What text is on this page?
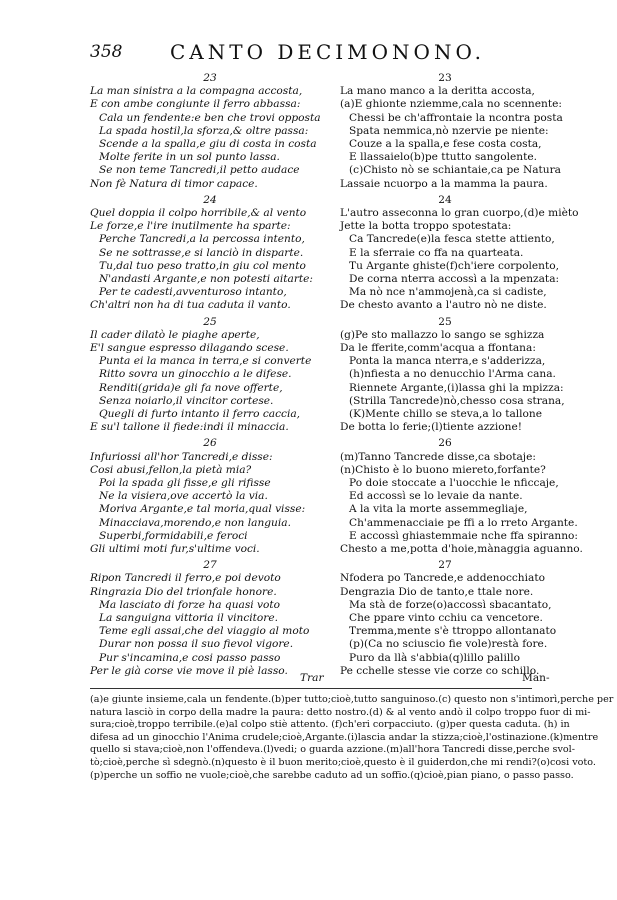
358 CANTO DECIMONONO.
23
La man sinistra a la compagna accosta,
E con ambe congiunte il ferro abbassa:
Cala un fendente:e ben che trovi opposta
La spada hostil,la sforza,& oltre passa:
Scende a la spalla,e giu di costa in costa
Molte ferite in un sol punto lassa.
Se non teme Tancredi,il petto audace
Non fè Natura di timor capace.
24
Quel doppia il colpo horribile,& al vento
Le forze,e l'ire inutilmente ha sparte:
Perche Tancredi,a la percossa intento,
Se ne sottrasse,e si lanciò in disparte.
Tu,dal tuo peso tratto,in giu col mento
N'andasti Argante,e non potesti aitarte:
Per te cadesti,avventuroso intanto,
Ch'altri non ha di tua caduta il vanto.
25
Il cader dilatò le piaghe aperte,
E'l sangue espresso dilagando scese.
Punta ei la manca in terra,e si converte
Ritto sovra un ginocchio a le difese.
Renditi(grida)e gli fa nove offerte,
Senza noiarlo,il vincitor cortese.
Quegli di furto intanto il ferro caccia,
E su'l tallone il fiede:indi il minaccia.
26
Infuriossi all'hor Tancredi,e disse:
Cosi abusi,fellon,la pietà mia?
Poi la spada gli fisse,e gli rifisse
Ne la visiera,ove accertò la via.
Moriva Argante,e tal moria,qual visse:
Minacciava,morendo,e non languia.
Superbi,formidabili,e feroci
Gli ultimi moti fur,s'ultime voci.
27
Ripon Tancredi il ferro,e poi devoto
Ringrazia Dio del trionfale honore.
Ma lasciato di forze ha quasi voto
La sanguigna vittoria il vincitore.
Teme egli assai,che del viaggio al moto
Durar non possa il suo fievol vigore.
Pur s'incamina,e cosi passo passo
Per le già corse vie move il piè lasso.
23
La mano manco a la deritta accosta,
(a)E ghionte nziemme,cala no scennente:
Chessi be ch'affrontaie la ncontra posta
Spata nemmica,nò nzervie pe niente:
Couze a la spalla,e fese costa costa,
E llassaielo(b)pe ttutto sangolente.
(c)Chisto nò se schiantaie,ca pe Natura
Lassaie ncuorpo a la mamma la paura.
24
L'autro asseconna lo gran cuorpo,(d)e mièto
Jette la botta troppo spotestata:
Ca Tancrede(e)la fesca stette attiento,
E la sferraie co ffa na quarteata.
Tu Argante ghiste(f)ch'iere corpolento,
De corna nterra accossì a la mpenzata:
Ma nò nce n'ammojenà,ca si cadiste,
De chesto avanto a l'autro nò ne diste.
25
(g)Pe sto mallazzo lo sango se sghizza
Da le fferite,comm'acqua a ffontana:
Ponta la manca nterra,e s'adderizza,
(h)nfiesta a no denucchio l'Arma cana.
Riennete Argante,(i)lassa ghi la mpizza:
(Strilla Tancrede)nò,chesso cosa strana,
(K)Mente chillo se steva,a lo tallone
De botta lo ferie;(l)tiente azzione!
26
(m)Tanno Tancrede disse,ca sbotaje:
(n)Chisto è lo buono miereto,forfante?
Po doie stoccate a l'uocchie le nficcaje,
Ed accossì se lo levaie da nante.
A la vita la morte assemmegliaje,
Ch'ammenacciaie pe ffi a lo rreto Argante.
E accossì ghiastemmaie nche ffa spiranno:
Chesto a me,potta d'hoie,mànaggia aguanno.
27
Nfodera po Tancrede,e addenocchiato
Dengrazia Dio de tanto,e ttale nore.
Ma stà de forze(o)accossì sbacantato,
Che ppare vinto cchiu ca vencetore.
Tremma,mente s'è ttroppo allontanato
(p)(Ca no sciuscio fie vole)restà fore.
Puro da llà s'abbia(q)lillo palillo
Pe cchelle stesse vie corze co schillo.
Trar	Man-
(a)e giunte insieme,cala un fendente.(b)per tutto;cioè,tutto sanguinoso.(c) questo non s'intimorì,perche per
natura lasciò in corpo della madre la paura: detto nostro.(d) & al vento andò il colpo troppo fuor di mi-
sura;cioè,troppo terribile.(e)al colpo stiè attento. (f)ch'eri corpacciuto. (g)per questa caduta. (h) in
difesa ad un ginocchio l'Anima crudele;cioè,Argante.(i)lascia andar la stizza;cioè,l'ostinazione.(k)mentre
quello si stava;cioè,non l'offendeva.(l)vedi; o guarda azzione.(m)all'hora Tancredi disse,perche svol-
tò;cioè,perche sì sdegnò.(n)questo è il buon merito;cioè,questo è il guiderdon,che mi rendi?(o)cosi voto.
(p)perche un soffio ne vuole;cioè,che sarebbe caduto ad un soffio.(q)cioè,pian piano, o passo passo.
